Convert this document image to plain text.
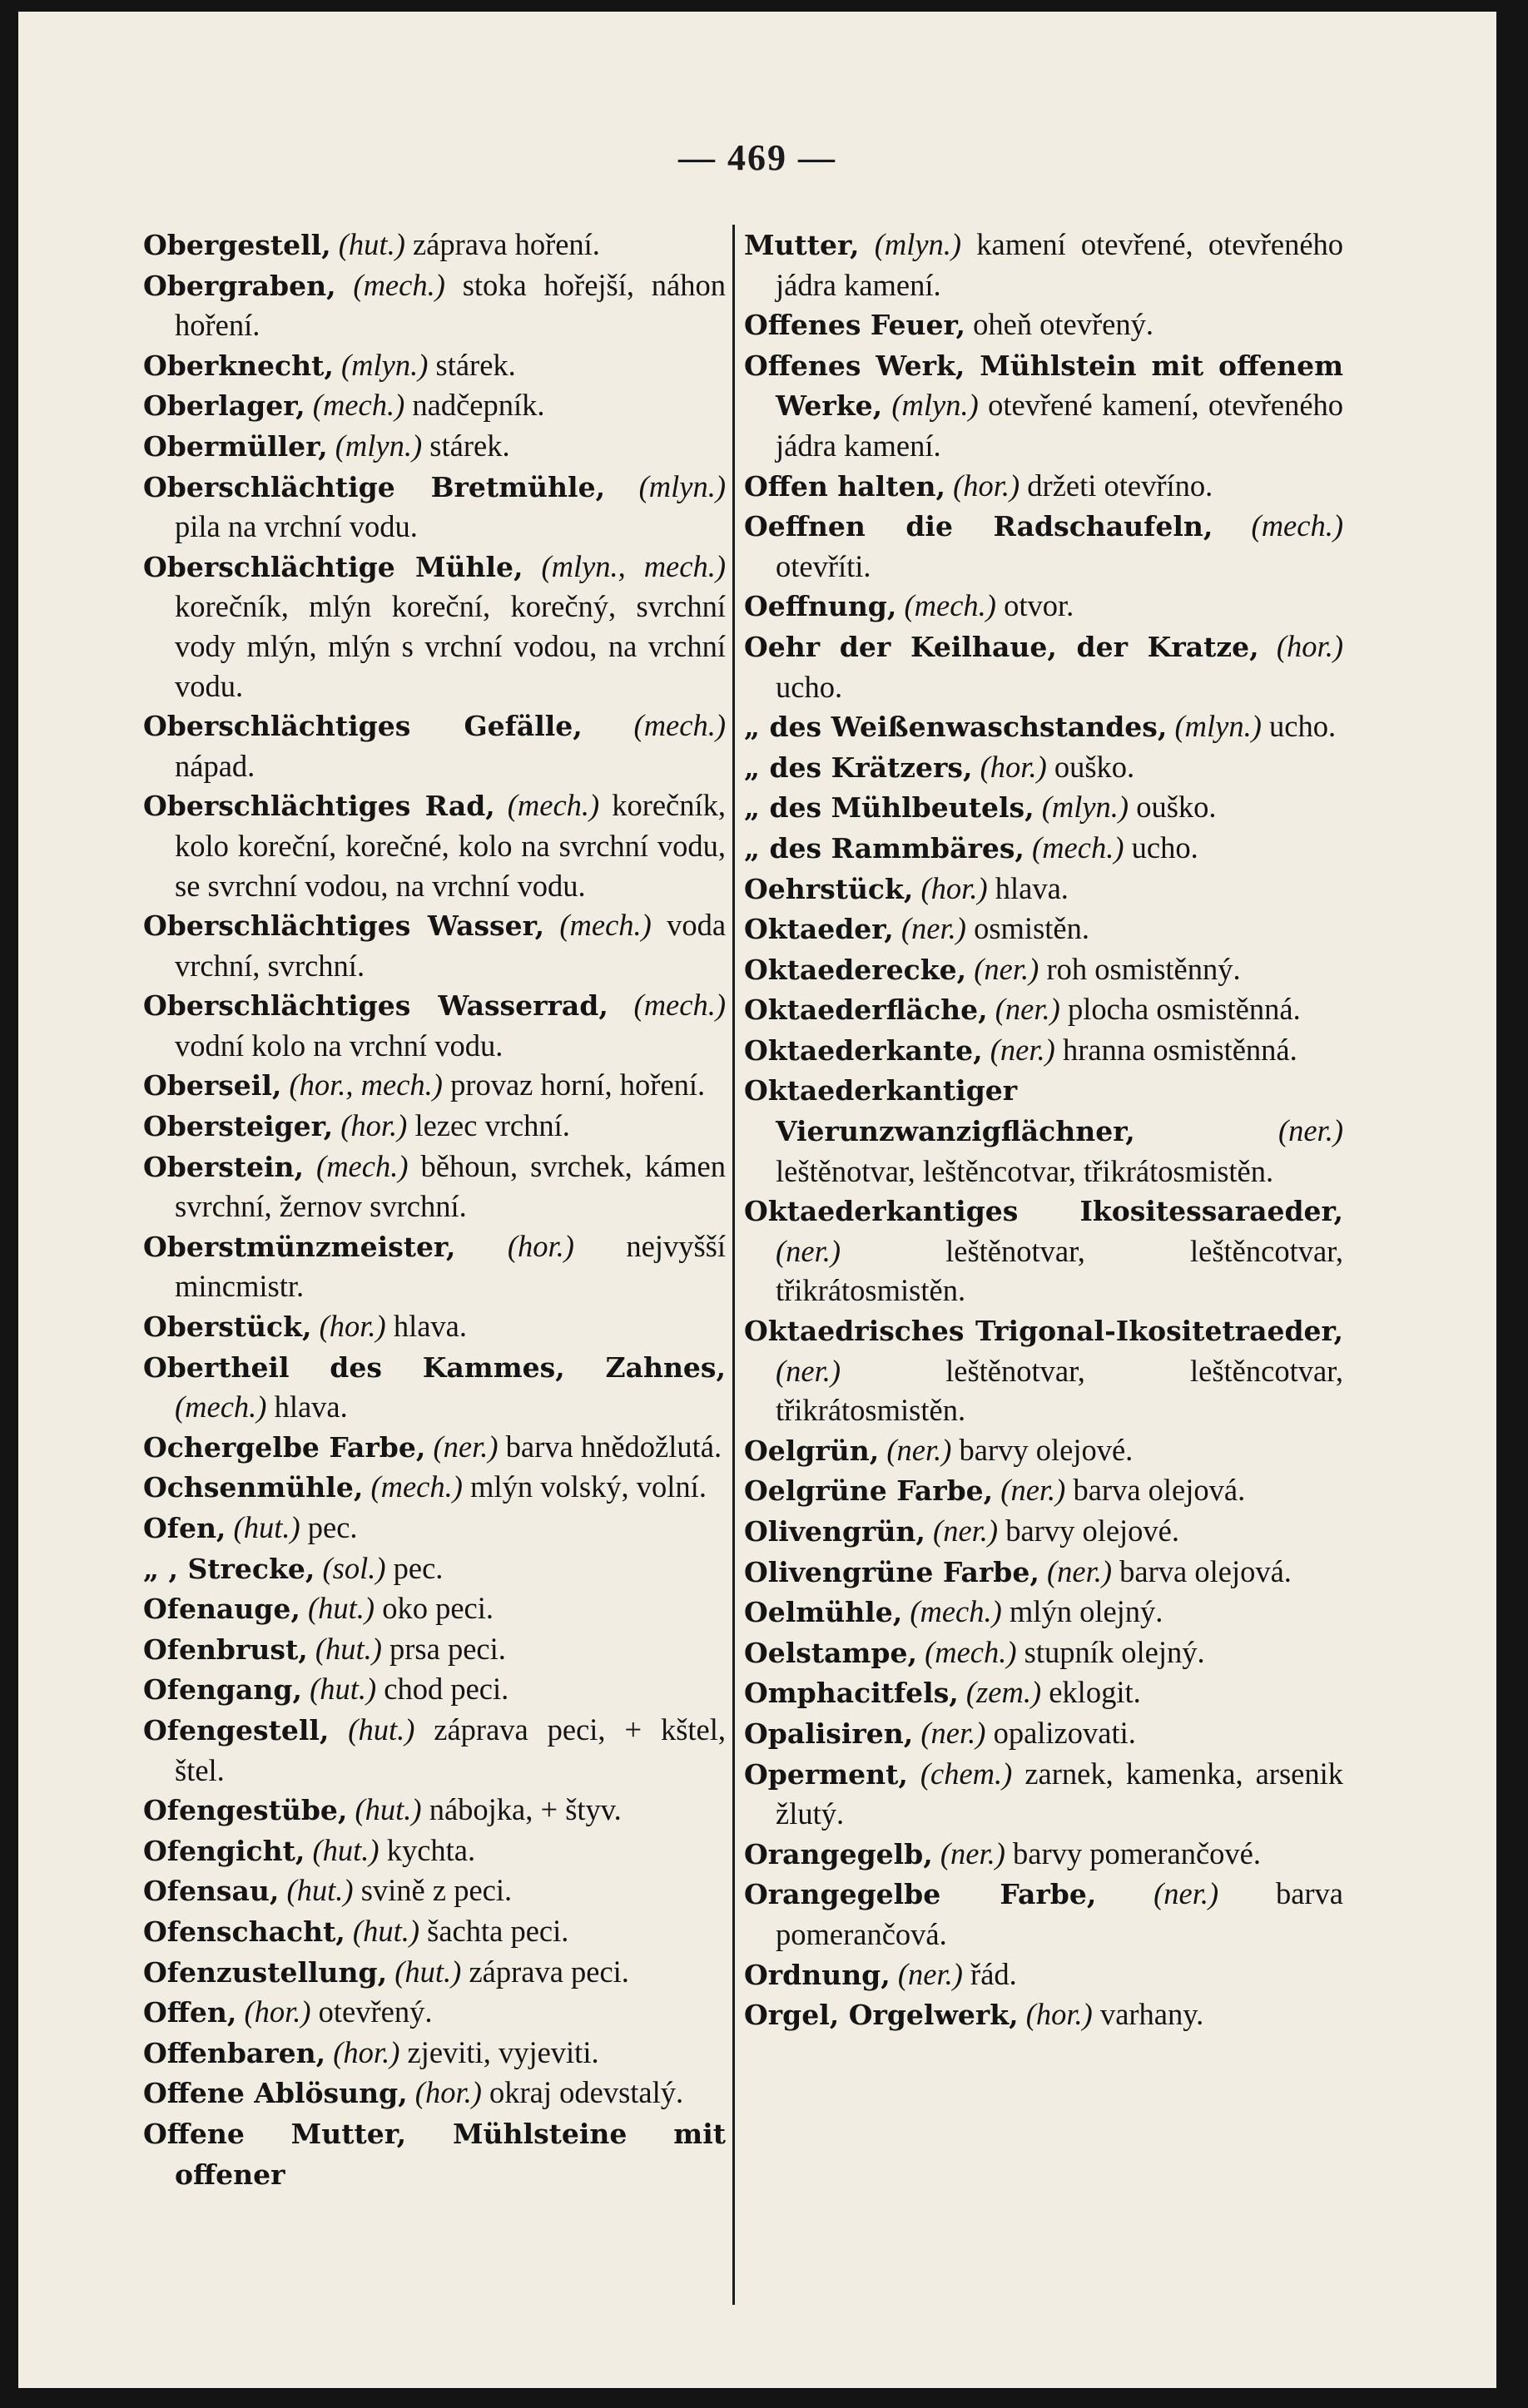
— 469 —

Obergestell, (hut.) záprava hoření.

Obergraben, (mech.) stoka hořejší, náhon hoření.

Oberknecht, (mlyn.) stárek.

Oberlager, (mech.) nadčepník.

Obermüller, (mlyn.) stárek.

Oberschlächtige Bretmühle, (mlyn.) pila na vrchní vodu.

Oberschlächtige Mühle, (mlyn., mech.) korečník, mlýn koreční, korečný, svrchní vody mlýn, mlýn s vrchní vodou, na vrchní vodu.

Oberschlächtiges Gefälle, (mech.) nápad.

Oberschlächtiges Rad, (mech.) korečník, kolo koreční, korečné, kolo na svrchní vodu, se svrchní vodou, na vrchní vodu.

Oberschlächtiges Wasser, (mech.) voda vrchní, svrchní.

Oberschlächtiges Wasserrad, (mech.) vodní kolo na vrchní vodu.

Oberseil, (hor., mech.) provaz horní, hoření.

Obersteiger, (hor.) lezec vrchní.

Oberstein, (mech.) běhoun, svrchek, kámen svrchní, žernov svrchní.

Oberstmünzmeister, (hor.) nejvyšší mincmistr.

Oberstück, (hor.) hlava.

Obertheil des Kammes, Zahnes, (mech.) hlava.

Ochergelbe Farbe, (ner.) barva hnědožlutá.

Ochsenmühle, (mech.) mlýn volský, volní.

Ofen, (hut.) pec.

„ , Strecke, (sol.) pec.

Ofenauge, (hut.) oko peci.

Ofenbrust, (hut.) prsa peci.

Ofengang, (hut.) chod peci.

Ofengestell, (hut.) záprava peci, + kštel, štel.

Ofengestübe, (hut.) nábojka, + štyv.

Ofengicht, (hut.) kychta.

Ofensau, (hut.) svině z peci.

Ofenschacht, (hut.) šachta peci.

Ofenzustellung, (hut.) záprava peci.

Offen, (hor.) otevřený.

Offenbaren, (hor.) zjeviti, vyjeviti.

Offene Ablösung, (hor.) okraj odevstalý.

Offene Mutter, Mühlsteine mit offener

Mutter, (mlyn.) kamení otevřené, otevřeného jádra kamení.

Offenes Feuer, oheň otevřený.

Offenes Werk, Mühlstein mit offenem Werke, (mlyn.) otevřené kamení, otevřeného jádra kamení.

Offen halten, (hor.) držeti otevříno.

Oeffnen die Radschaufeln, (mech.) otevříti.

Oeffnung, (mech.) otvor.

Oehr der Keilhaue, der Kratze, (hor.) ucho.

„ des Weißenwaschstandes, (mlyn.) ucho.

„ des Krätzers, (hor.) ouško.

„ des Mühlbeutels, (mlyn.) ouško.

„ des Rammbäres, (mech.) ucho.

Oehrstück, (hor.) hlava.

Oktaeder, (ner.) osmistěn.

Oktaederecke, (ner.) roh osmistěnný.

Oktaederfläche, (ner.) plocha osmistěnná.

Oktaederkante, (ner.) hranna osmistěnná.

Oktaederkantiger Vierunzwanzigflächner,	(ner.) leštěnotvar, leštěncotvar, třikrátosmistěn.

Oktaederkantiges Ikositessaraeder, (ner.)	leštěnotvar, leštěncotvar, třikrátosmistěn.

Oktaedrisches Trigonal-Ikositetraeder, (ner.)	leštěnotvar, leštěncotvar, třikrátosmistěn.

Oelgrün, (ner.) barvy olejové.

Oelgrüne Farbe, (ner.) barva olejová.

Olivengrün, (ner.) barvy olejové.

Olivengrüne Farbe, (ner.) barva olejová.

Oelmühle, (mech.) mlýn olejný.

Oelstampe, (mech.) stupník olejný.

Omphacitfels, (zem.) eklogit.

Opalisiren, (ner.) opalizovati.

Operment, (chem.) zarnek, kamenka, arsenik žlutý.

Orangegelb, (ner.) barvy pomerančové.

Orangegelbe Farbe, (ner.) barva pomerančová.

Ordnung, (ner.) řád.

Orgel, Orgelwerk, (hor.) varhany.
